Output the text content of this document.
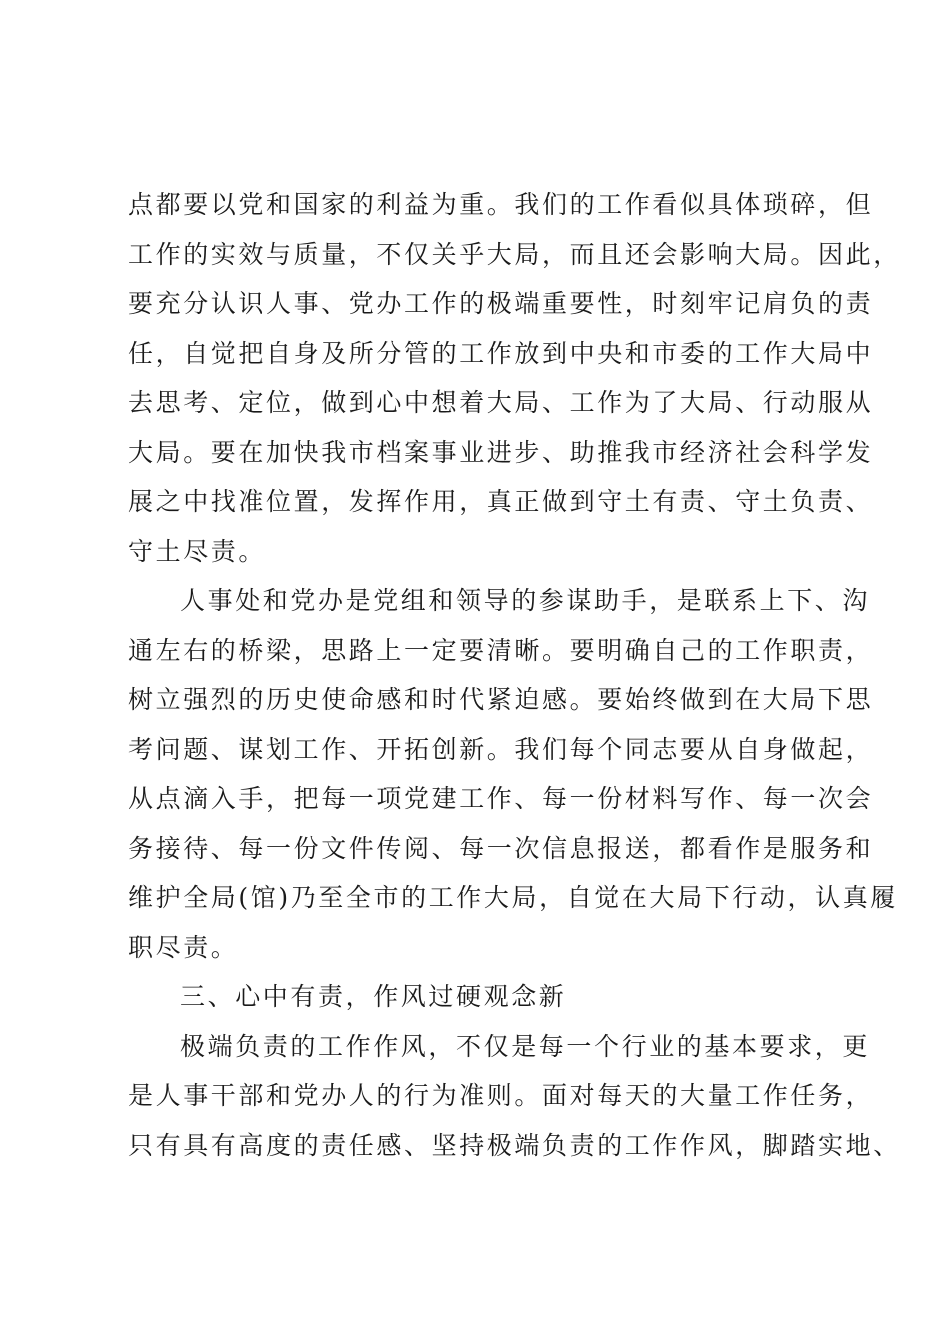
点都要以党和国家的利益为重。我们的工作看似具体琐碎，但
工作的实效与质量，不仅关乎大局，而且还会影响大局。因此，
要充分认识人事、党办工作的极端重要性，时刻牢记肩负的责
任，自觉把自身及所分管的工作放到中央和市委的工作大局中
去思考、定位，做到心中想着大局、工作为了大局、行动服从
大局。要在加快我市档案事业进步、助推我市经济社会科学发
展之中找准位置，发挥作用，真正做到守土有责、守土负责、
守土尽责。
人事处和党办是党组和领导的参谋助手，是联系上下、沟
通左右的桥梁，思路上一定要清晰。要明确自己的工作职责，
树立强烈的历史使命感和时代紧迫感。要始终做到在大局下思
考问题、谋划工作、开拓创新。我们每个同志要从自身做起，
从点滴入手，把每一项党建工作、每一份材料写作、每一次会
务接待、每一份文件传阅、每一次信息报送，都看作是服务和
维护全局(馆)乃至全市的工作大局，自觉在大局下行动，认真履
职尽责。
三、心中有责，作风过硬观念新
极端负责的工作作风，不仅是每一个行业的基本要求，更
是人事干部和党办人的行为准则。面对每天的大量工作任务，
只有具有高度的责任感、坚持极端负责的工作作风，脚踏实地、
